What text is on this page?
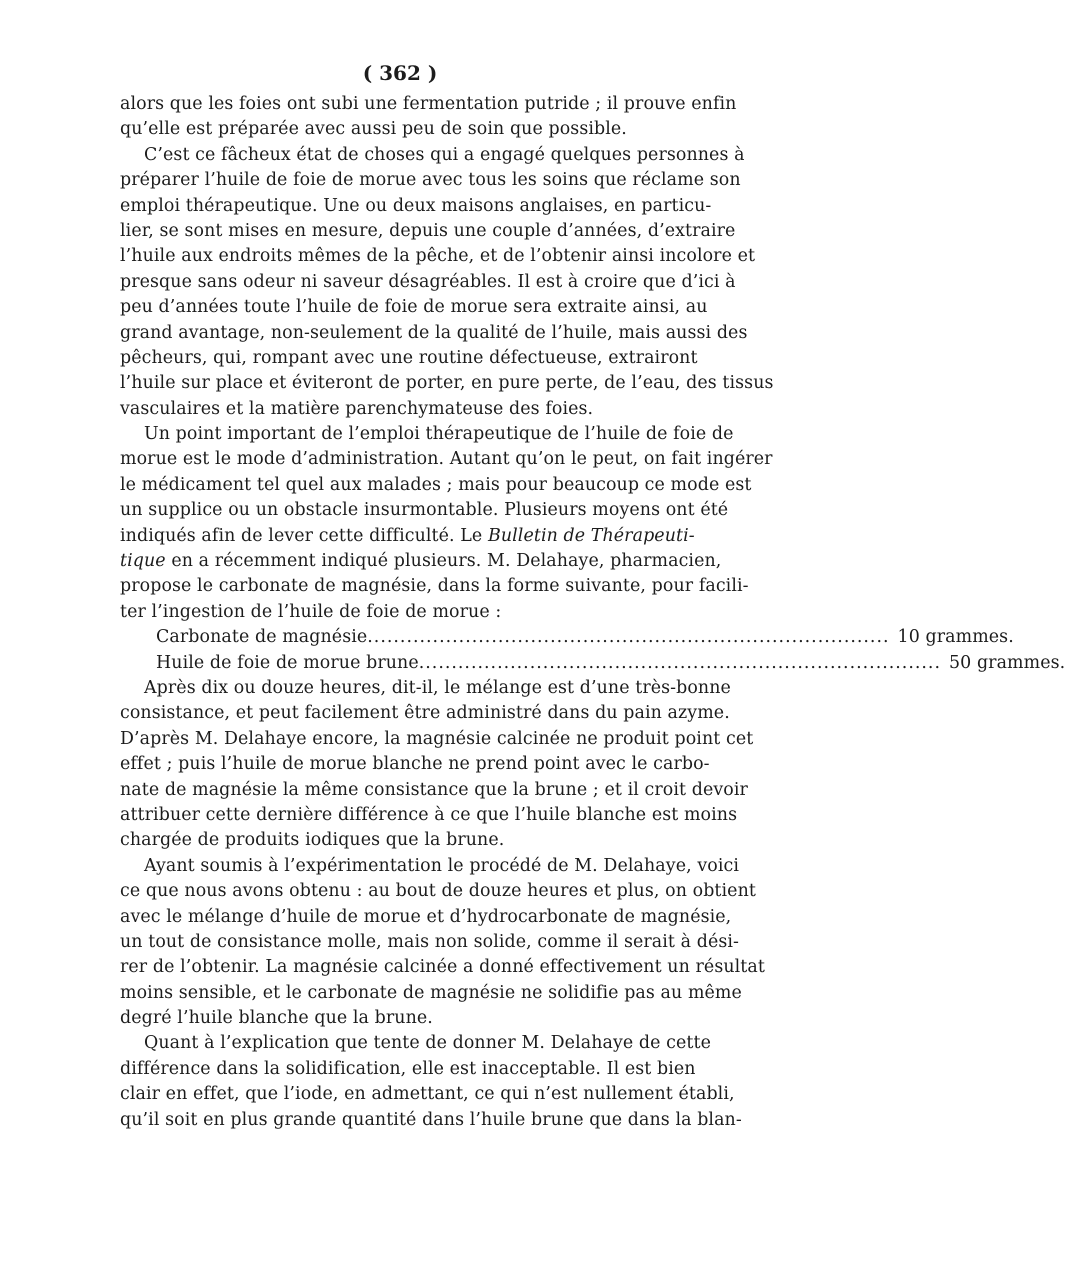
( 362 )
alors que les foies ont subi une fermentation putride ; il prouve enfin
qu’elle est préparée avec aussi peu de soin que possible.
C’est ce fâcheux état de choses qui a engagé quelques personnes à
préparer l’huile de foie de morue avec tous les soins que réclame son
emploi thérapeutique. Une ou deux maisons anglaises, en particu-
lier, se sont mises en mesure, depuis une couple d’années, d’extraire
l’huile aux endroits mêmes de la pêche, et de l’obtenir ainsi incolore et
presque sans odeur ni saveur désagréables. Il est à croire que d’ici à
peu d’années toute l’huile de foie de morue sera extraite ainsi, au
grand avantage, non-seulement de la qualité de l’huile, mais aussi des
pêcheurs, qui, rompant avec une routine défectueuse, extrairont
l’huile sur place et éviteront de porter, en pure perte, de l’eau, des tissus
vasculaires et la matière parenchymateuse des foies.
Un point important de l’emploi thérapeutique de l’huile de foie de
morue est le mode d’administration. Autant qu’on le peut, on fait ingérer
le médicament tel quel aux malades ; mais pour beaucoup ce mode est
un supplice ou un obstacle insurmontable. Plusieurs moyens ont été
indiqués afin de lever cette difficulté. Le Bulletin de Thérapeuti-
tique en a récemment indiqué plusieurs. M. Delahaye, pharmacien,
propose le carbonate de magnésie, dans la forme suivante, pour facili-
ter l’ingestion de l’huile de foie de morue :
Carbonate de magnésie ................................................................................ 10 grammes.
Huile de foie de morue brune ................................................................................ 50 grammes.
Après dix ou douze heures, dit-il, le mélange est d’une très-bonne
consistance, et peut facilement être administré dans du pain azyme.
D’après M. Delahaye encore, la magnésie calcinée ne produit point cet
effet ; puis l’huile de morue blanche ne prend point avec le carbo-
nate de magnésie la même consistance que la brune ; et il croit devoir
attribuer cette dernière différence à ce que l’huile blanche est moins
chargée de produits iodiques que la brune.
Ayant soumis à l’expérimentation le procédé de M. Delahaye, voici
ce que nous avons obtenu : au bout de douze heures et plus, on obtient
avec le mélange d’huile de morue et d’hydrocarbonate de magnésie,
un tout de consistance molle, mais non solide, comme il serait à dési-
rer de l’obtenir. La magnésie calcinée a donné effectivement un résultat
moins sensible, et le carbonate de magnésie ne solidifie pas au même
degré l’huile blanche que la brune.
Quant à l’explication que tente de donner M. Delahaye de cette
différence dans la solidification, elle est inacceptable. Il est bien
clair en effet, que l’iode, en admettant, ce qui n’est nullement établi,
qu’il soit en plus grande quantité dans l’huile brune que dans la blan-
